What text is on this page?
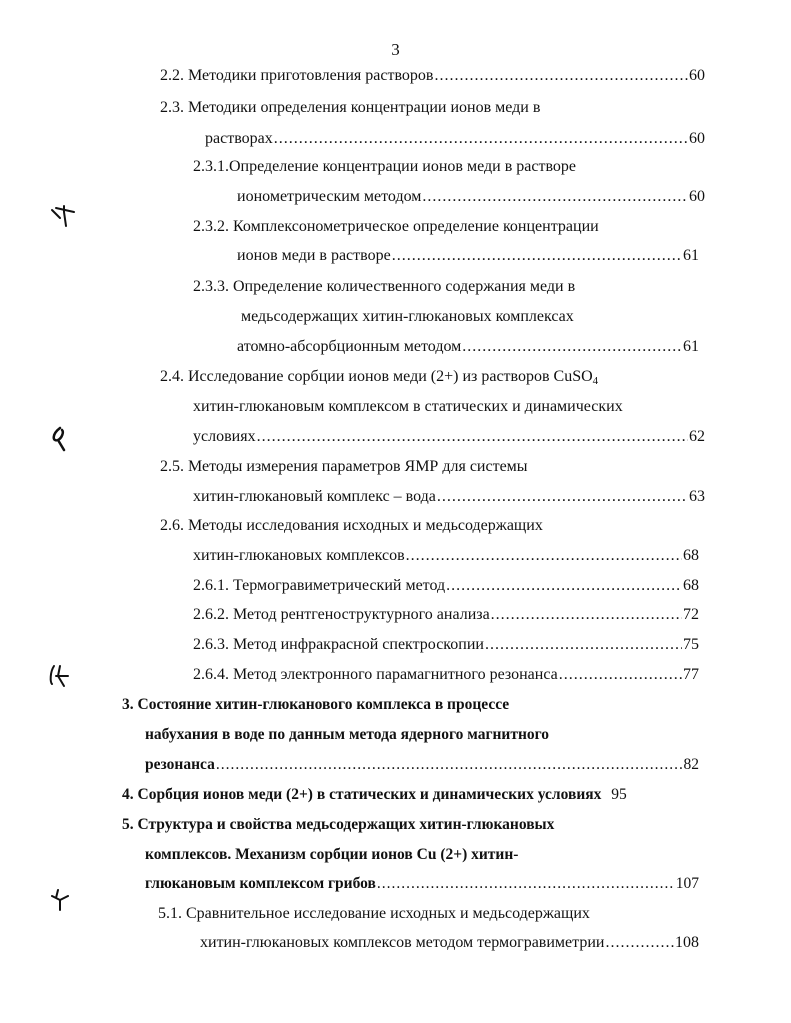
3
2.2. Методики приготовления растворов .....	60
2.3. Методики определения концентрации ионов меди в
растворах .....	60
2.3.1.Определение концентрации ионов меди в растворе
ионометрическим методом .....	60
2.3.2. Комплексонометрическое определение концентрации
ионов меди в растворе .....	61
2.3.3. Определение количественного содержания меди в
медьсодержащих хитин-глюкановых комплексах
атомно-абсорбционным методом .....	61
2.4. Исследование сорбции ионов меди (2+) из растворов CuSO$_4$
хитин-глюкановым комплексом в статических и динамических
условиях .....	62
2.5. Методы измерения параметров ЯМР для системы
хитин-глюкановый комплекс – вода .....	63
2.6. Методы исследования исходных и медьсодержащих
хитин-глюкановых комплексов .....	68
2.6.1. Термогравиметрический метод .....	68
2.6.2. Метод рентгеноструктурного анализа .....	72
2.6.3. Метод инфракрасной спектроскопии .....	75
2.6.4. Метод электронного парамагнитного резонанса .....	77
3. Состояние хитин-глюканового комплекса в процессе
набухания в воде по данным метода ядерного магнитного
резонанса .....	82
4. Сорбция ионов меди (2+) в статических и динамических условиях 95
5. Структура и свойства медьсодержащих хитин-глюкановых
комплексов. Механизм сорбции ионов Cu (2+) хитин-
глюкановым комплексом грибов .....	107
5.1. Сравнительное исследование исходных и медьсодержащих
хитин-глюкановых комплексов методом термогравиметрии .....	108
